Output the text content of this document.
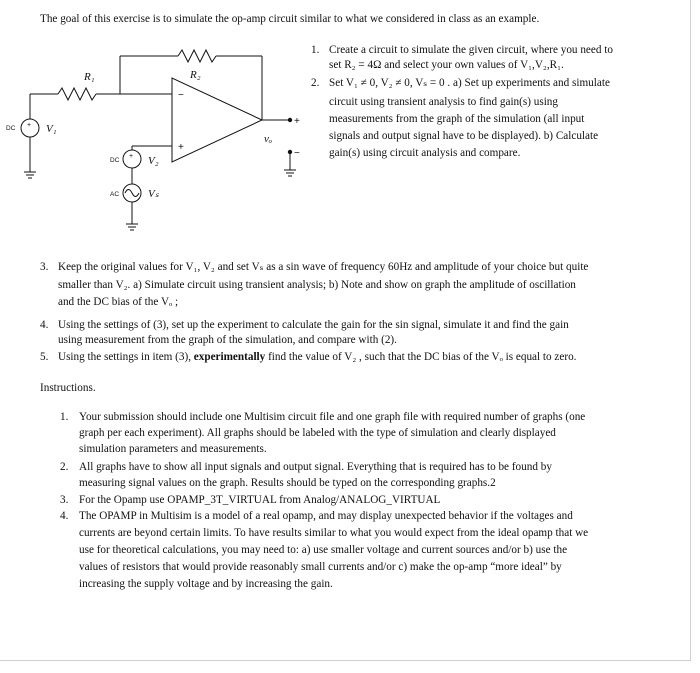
The goal of this exercise is to simulate the op-amp circuit similar to what we considered in class as an example.
+
+
R₁	R₂
V₁
V₂
Vₛ
vₒ
DC
DC
AC
−
+
+
−
1. Create a circuit to simulate the given circuit, where you need to
set R₂ = 4Ω and select your own values of V₁,V₂,R₁.
2. Set V₁ ≠ 0, V₂ ≠ 0, Vₛ = 0 . a) Set up experiments and simulate
circuit using transient analysis to find gain(s) using
measurements from the graph of the simulation (all input
signals and output signal have to be displayed). b) Calculate
gain(s) using circuit analysis and compare.
3. Keep the original values for V₁, V₂ and set Vₛ as a sin wave of frequency 60Hz and amplitude of your choice but quite
smaller than V₂. a) Simulate circuit using transient analysis; b) Note and show on graph the amplitude of oscillation
and the DC bias of the Vₒ ;
4. Using the settings of (3), set up the experiment to calculate the gain for the sin signal, simulate it and find the gain
using measurement from the graph of the simulation, and compare with (2).
5. Using the settings in item (3), experimentally find the value of V₂ , such that the DC bias of the Vₒ is equal to zero.
Instructions.
1. Your submission should include one Multisim circuit file and one graph file with required number of graphs (one
graph per each experiment). All graphs should be labeled with the type of simulation and clearly displayed
simulation parameters and measurements.
2. All graphs have to show all input signals and output signal. Everything that is required has to be found by
measuring signal values on the graph. Results should be typed on the corresponding graphs.2
3. For the Opamp use OPAMP_3T_VIRTUAL from Analog/ANALOG_VIRTUAL
4. The OPAMP in Multisim is a model of a real opamp, and may display unexpected behavior if the voltages and
currents are beyond certain limits. To have results similar to what you would expect from the ideal opamp that we
use for theoretical calculations, you may need to: a) use smaller voltage and current sources and/or b) use the
values of resistors that would provide reasonably small currents and/or c) make the op-amp “more ideal” by
increasing the supply voltage and by increasing the gain.
